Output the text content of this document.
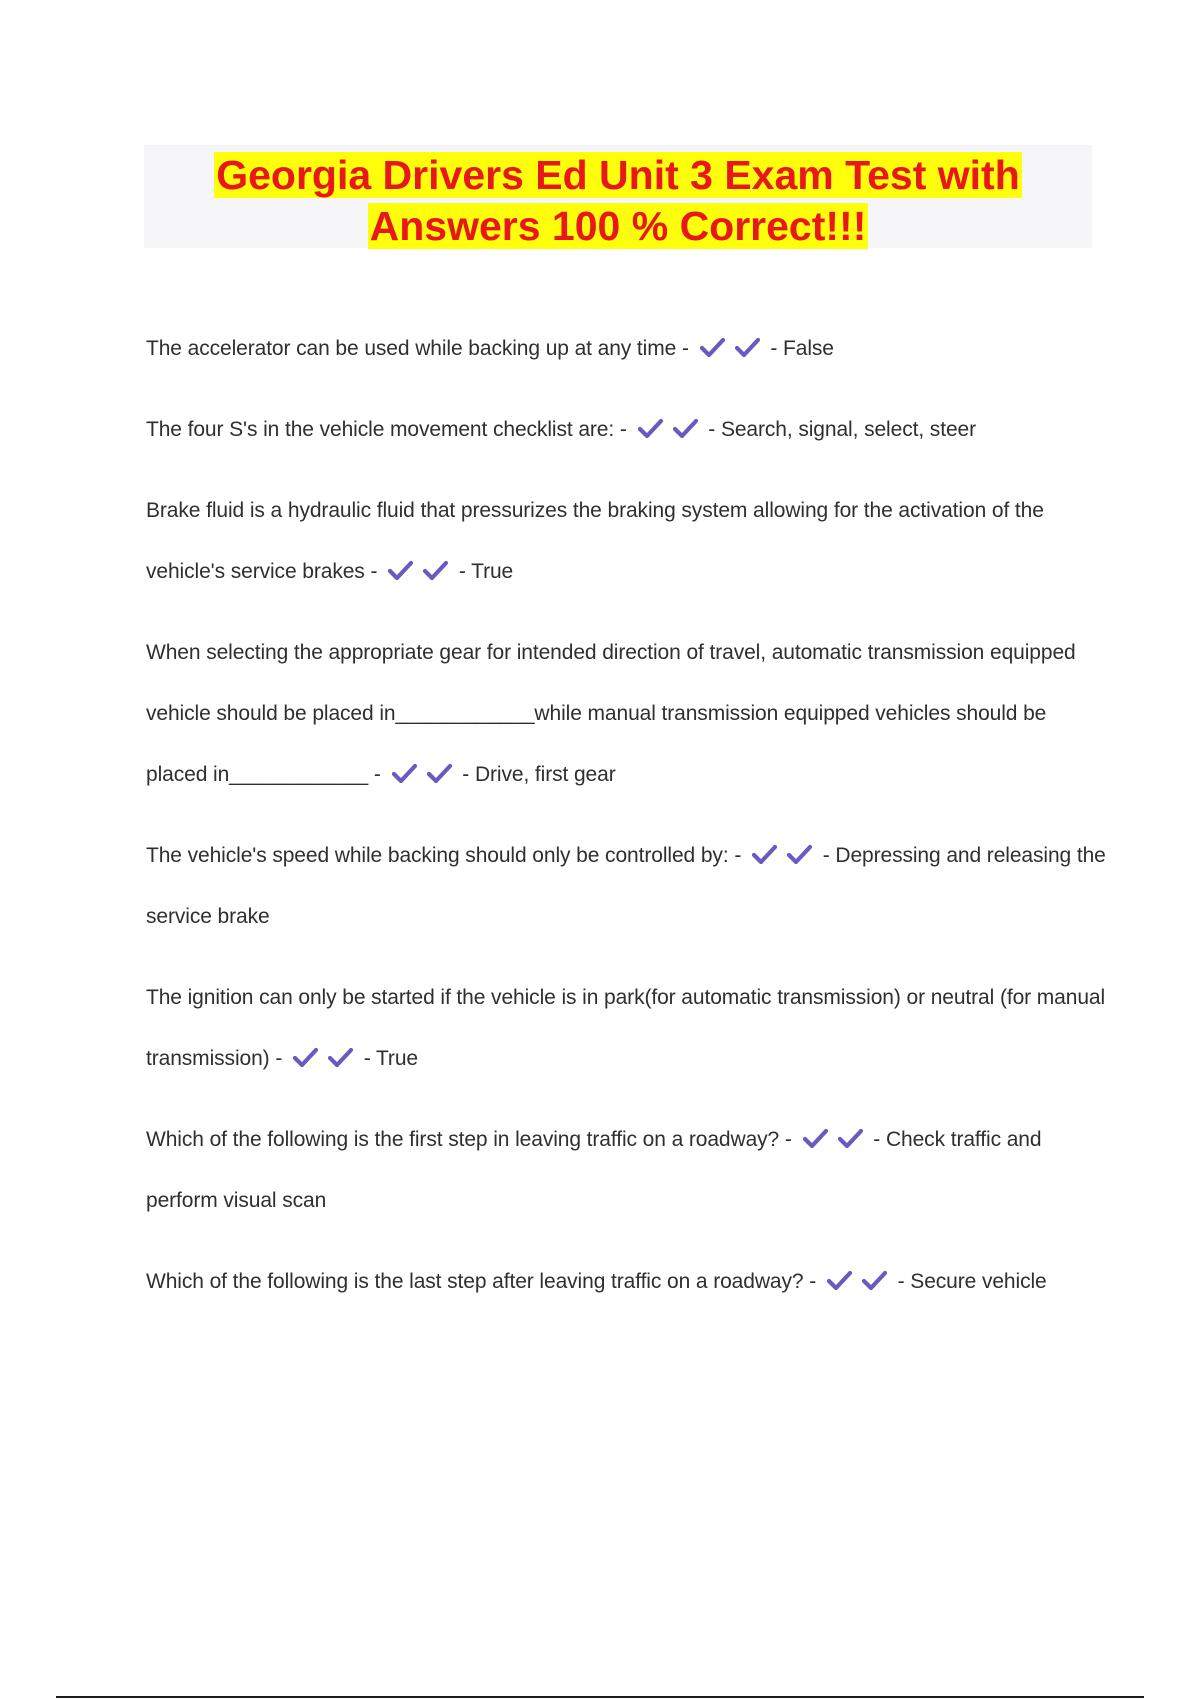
Georgia Drivers Ed Unit 3 Exam Test with
Answers 100 % Correct!!!
The accelerator can be used while backing up at any time -	- False
The four S's in the vehicle movement checklist are: -	- Search, signal, select, steer
Brake fluid is a hydraulic fluid that pressurizes the braking system allowing for the activation of the vehicle's service brakes -	- True
When selecting the appropriate gear for intended direction of travel, automatic transmission equipped vehicle should be placed in____________while manual transmission equipped vehicles should be placed in____________ -	- Drive, first gear
The vehicle's speed while backing should only be controlled by: -	- Depressing and releasing the service brake
The ignition can only be started if the vehicle is in park(for automatic transmission) or neutral (for manual transmission) -	- True
Which of the following is the first step in leaving traffic on a roadway? -	- Check traffic and perform visual scan
Which of the following is the last step after leaving traffic on a roadway? -	- Secure vehicle
